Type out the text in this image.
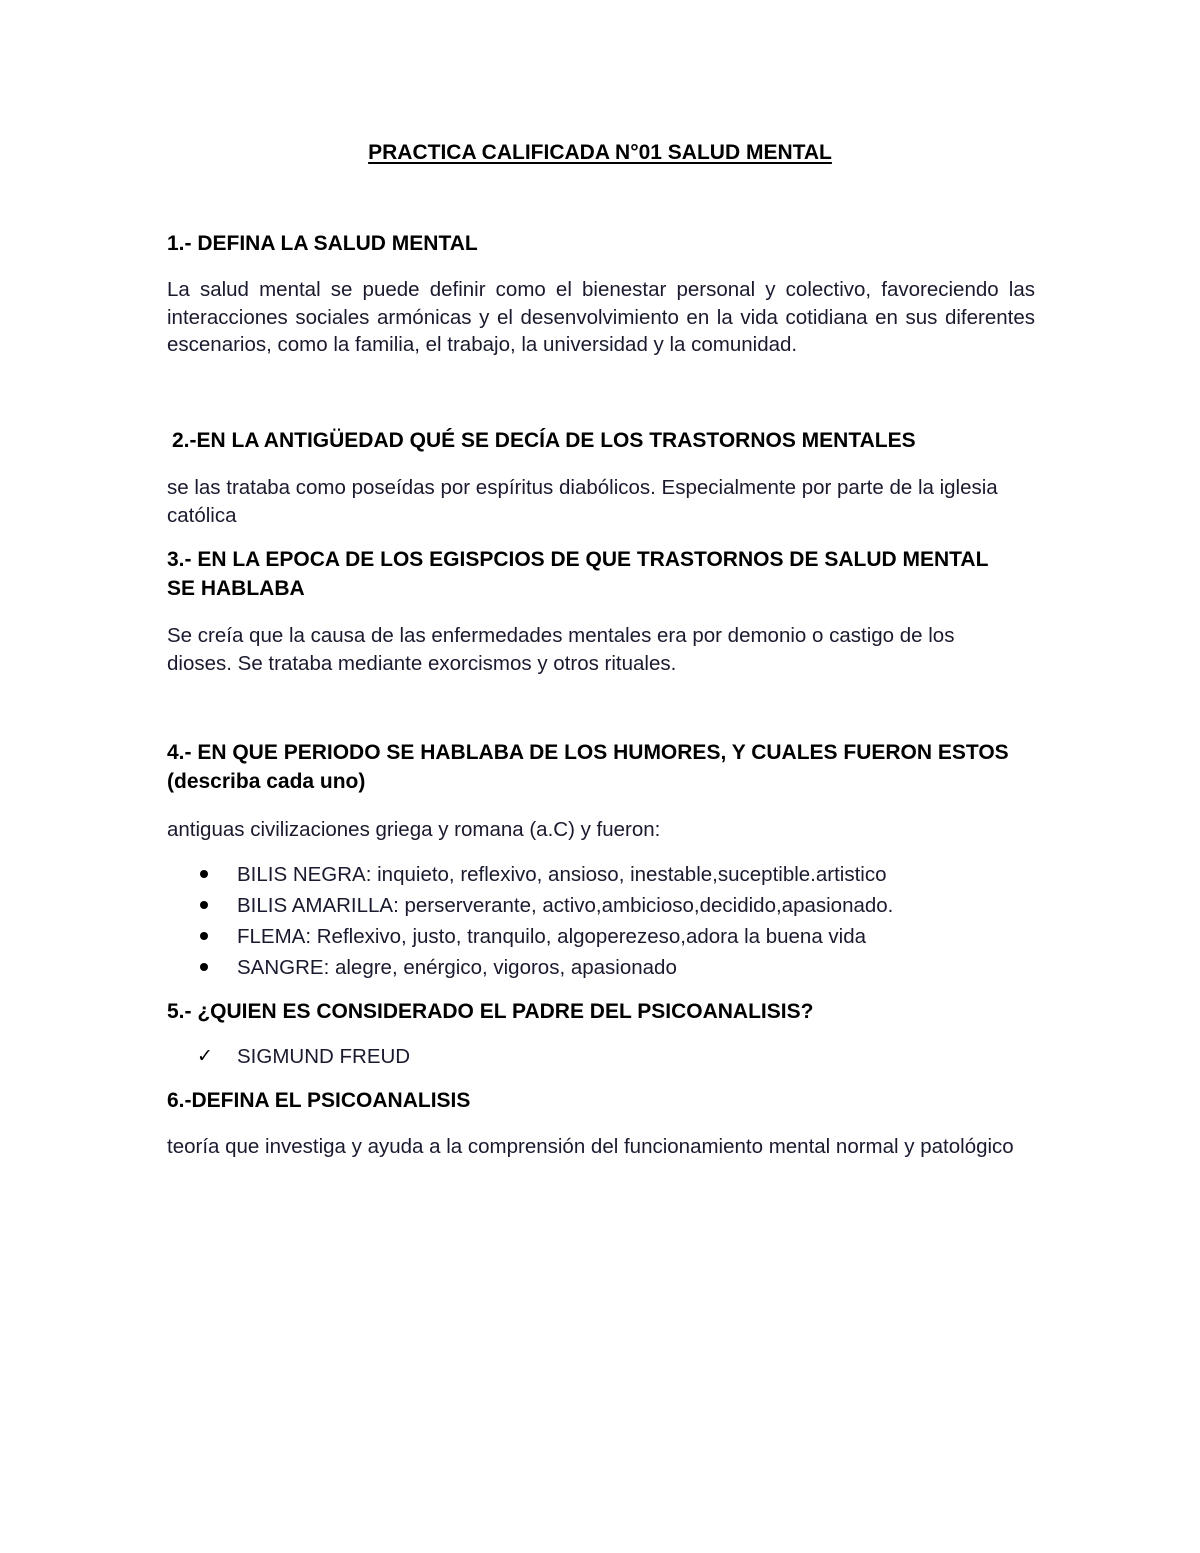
PRACTICA CALIFICADA N°01 SALUD MENTAL
1.- DEFINA LA SALUD MENTAL
La salud mental se puede definir como el bienestar personal y colectivo, favoreciendo las interacciones sociales armónicas y el desenvolvimiento en la vida cotidiana en sus diferentes escenarios, como la familia, el trabajo, la universidad y la comunidad.
2.-EN LA ANTIGÜEDAD QUÉ SE DECÍA DE LOS TRASTORNOS MENTALES
se las trataba como poseídas por espíritus diabólicos. Especialmente por parte de la iglesia católica
3.- EN LA EPOCA DE LOS EGISPCIOS DE QUE TRASTORNOS DE SALUD MENTAL SE HABLABA
Se creía que la causa de las enfermedades mentales era por demonio o castigo de los dioses. Se trataba mediante exorcismos y otros rituales.
4.- EN QUE PERIODO SE HABLABA DE LOS HUMORES, Y CUALES FUERON ESTOS (describa cada uno)
antiguas civilizaciones griega y romana (a.C) y fueron:
BILIS NEGRA: inquieto, reflexivo, ansioso, inestable,suceptible.artistico
BILIS AMARILLA: perserverante, activo,ambicioso,decidido,apasionado.
FLEMA: Reflexivo, justo, tranquilo, algoperezeso,adora la buena vida
SANGRE: alegre, enérgico, vigoros, apasionado
5.- ¿QUIEN ES CONSIDERADO EL PADRE DEL PSICOANALISIS?
✓ SIGMUND FREUD
6.-DEFINA EL PSICOANALISIS
teoría que investiga y ayuda a la comprensión del funcionamiento mental normal y patológico
